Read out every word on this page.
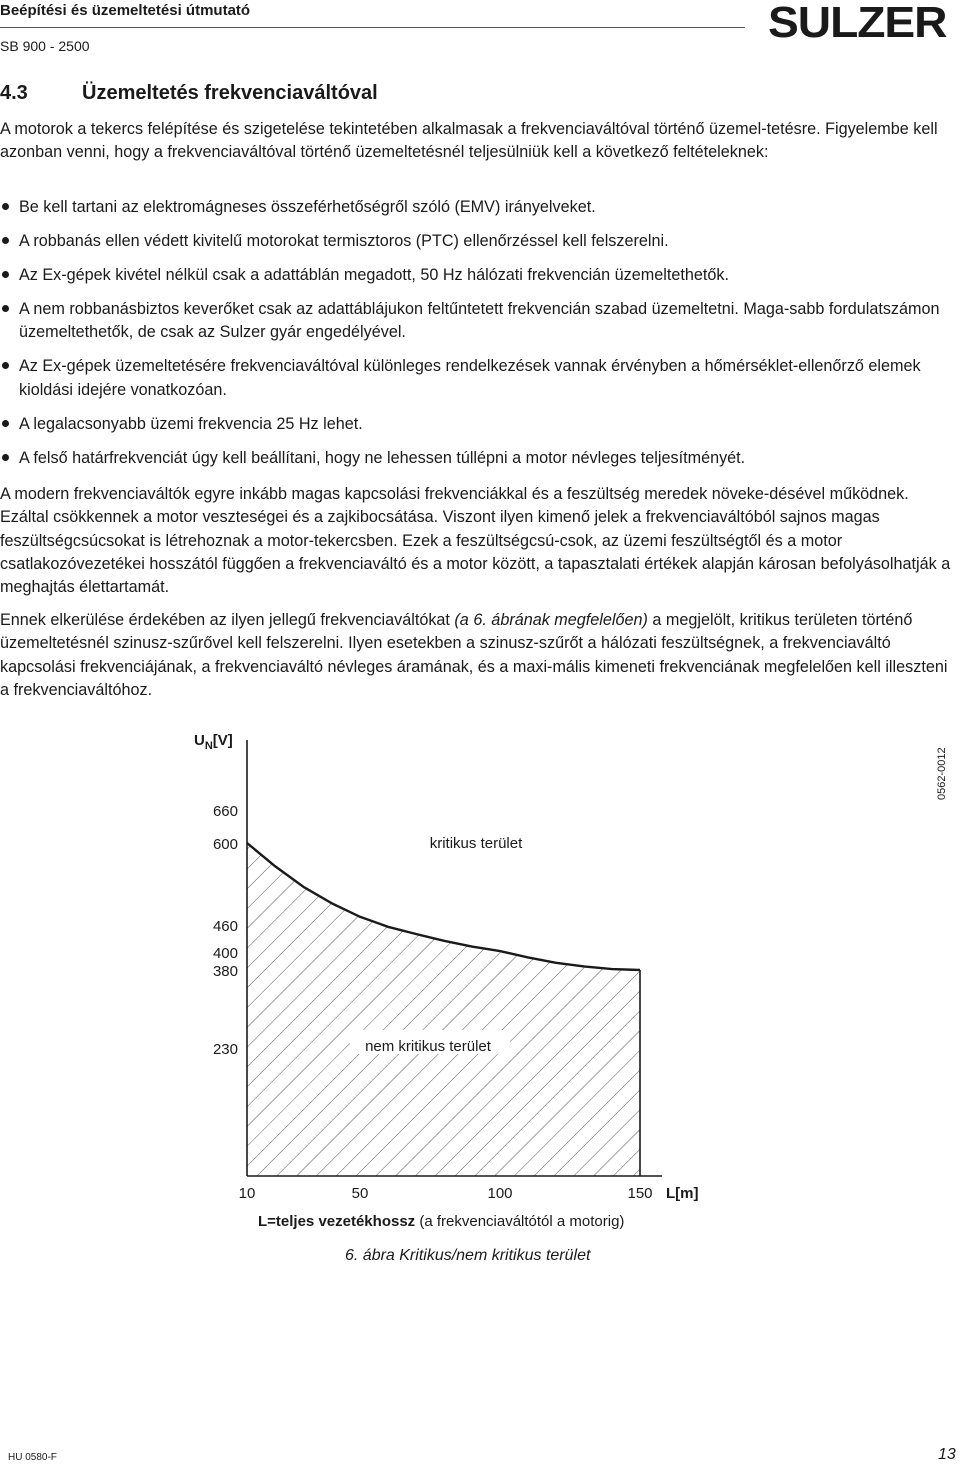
Beépítési és üzemeltetési útmutató
SB 900 - 2500	SULZER
4.3	Üzemeltetés frekvenciaváltóval
A motorok a tekercs felépítése és szigetelése tekintetében alkalmasak a frekvenciaváltóval történő üzemel-tetésre. Figyelembe kell azonban venni, hogy a frekvenciaváltóval történő üzemeltetésnél teljesülniük kell a következő feltételeknek:
Be kell tartani az elektromágneses összeférhetőségről szóló (EMV) irányelveket.
A robbanás ellen védett kivitelű motorokat termisztoros (PTC) ellenőrzéssel kell felszerelni.
Az Ex-gépek kivétel nélkül csak a adattáblán megadott, 50 Hz hálózati frekvencián üzemeltethetők.
A nem robbanásbiztos keverőket csak az adattáblájukon feltűntetett frekvencián szabad üzemeltetni. Maga-sabb fordulatszámon üzemeltethetők, de csak az Sulzer gyár engedélyével.
Az Ex-gépek üzemeltetésére frekvenciaváltóval különleges rendelkezések vannak érvényben a hőmérséklet-ellenőrző elemek kioldási idejére vonatkozóan.
A legalacsonyabb üzemi frekvencia 25 Hz lehet.
A felső határfrekvenciát úgy kell beállítani, hogy ne lehessen túllépni a motor névleges teljesítményét.
A modern frekvenciaváltók egyre inkább magas kapcsolási frekvenciákkal és a feszültség meredek növeke-désével működnek. Ezáltal csökkennek a motor veszteségei és a zajkibocsátása. Viszont ilyen kimenő jelek a frekvenciaváltóból sajnos magas feszültségcsúcsokat is létrehoznak a motor-tekercsben. Ezek a feszültségcsú-csok, az üzemi feszültségtől és a motor csatlakozóvezetékei hosszától függően a frekvenciaváltó és a motor között, a tapasztalati értékek alapján károsan befolyásolhatják a meghajtás élettartamát.
Ennek elkerülése érdekében az ilyen jellegű frekvenciaváltókat (a 6. ábrának megfelelően) a megjelölt, kritikus területen történő üzemeltetésnél szinusz-szűrővel kell felszerelni. Ilyen esetekben a szinusz-szűrőt a hálózati feszültségnek, a frekvenciaváltó kapcsolási frekvenciájának, a frekvenciaváltó névleges áramának, és a maxi-mális kimeneti frekvenciának megfelelően kell illeszteni a frekvenciaváltóhoz.
0562-0012
230
380
400
460
600
660
10	50	100	150 L[m]
$U_N[V]$
kritikus terület
nem kritikus terület
L=teljes vezetékhossz (a frekvenciaváltótól a motorig)
6. ábra Kritikus/nem kritikus terület
HU 0580-F	13
